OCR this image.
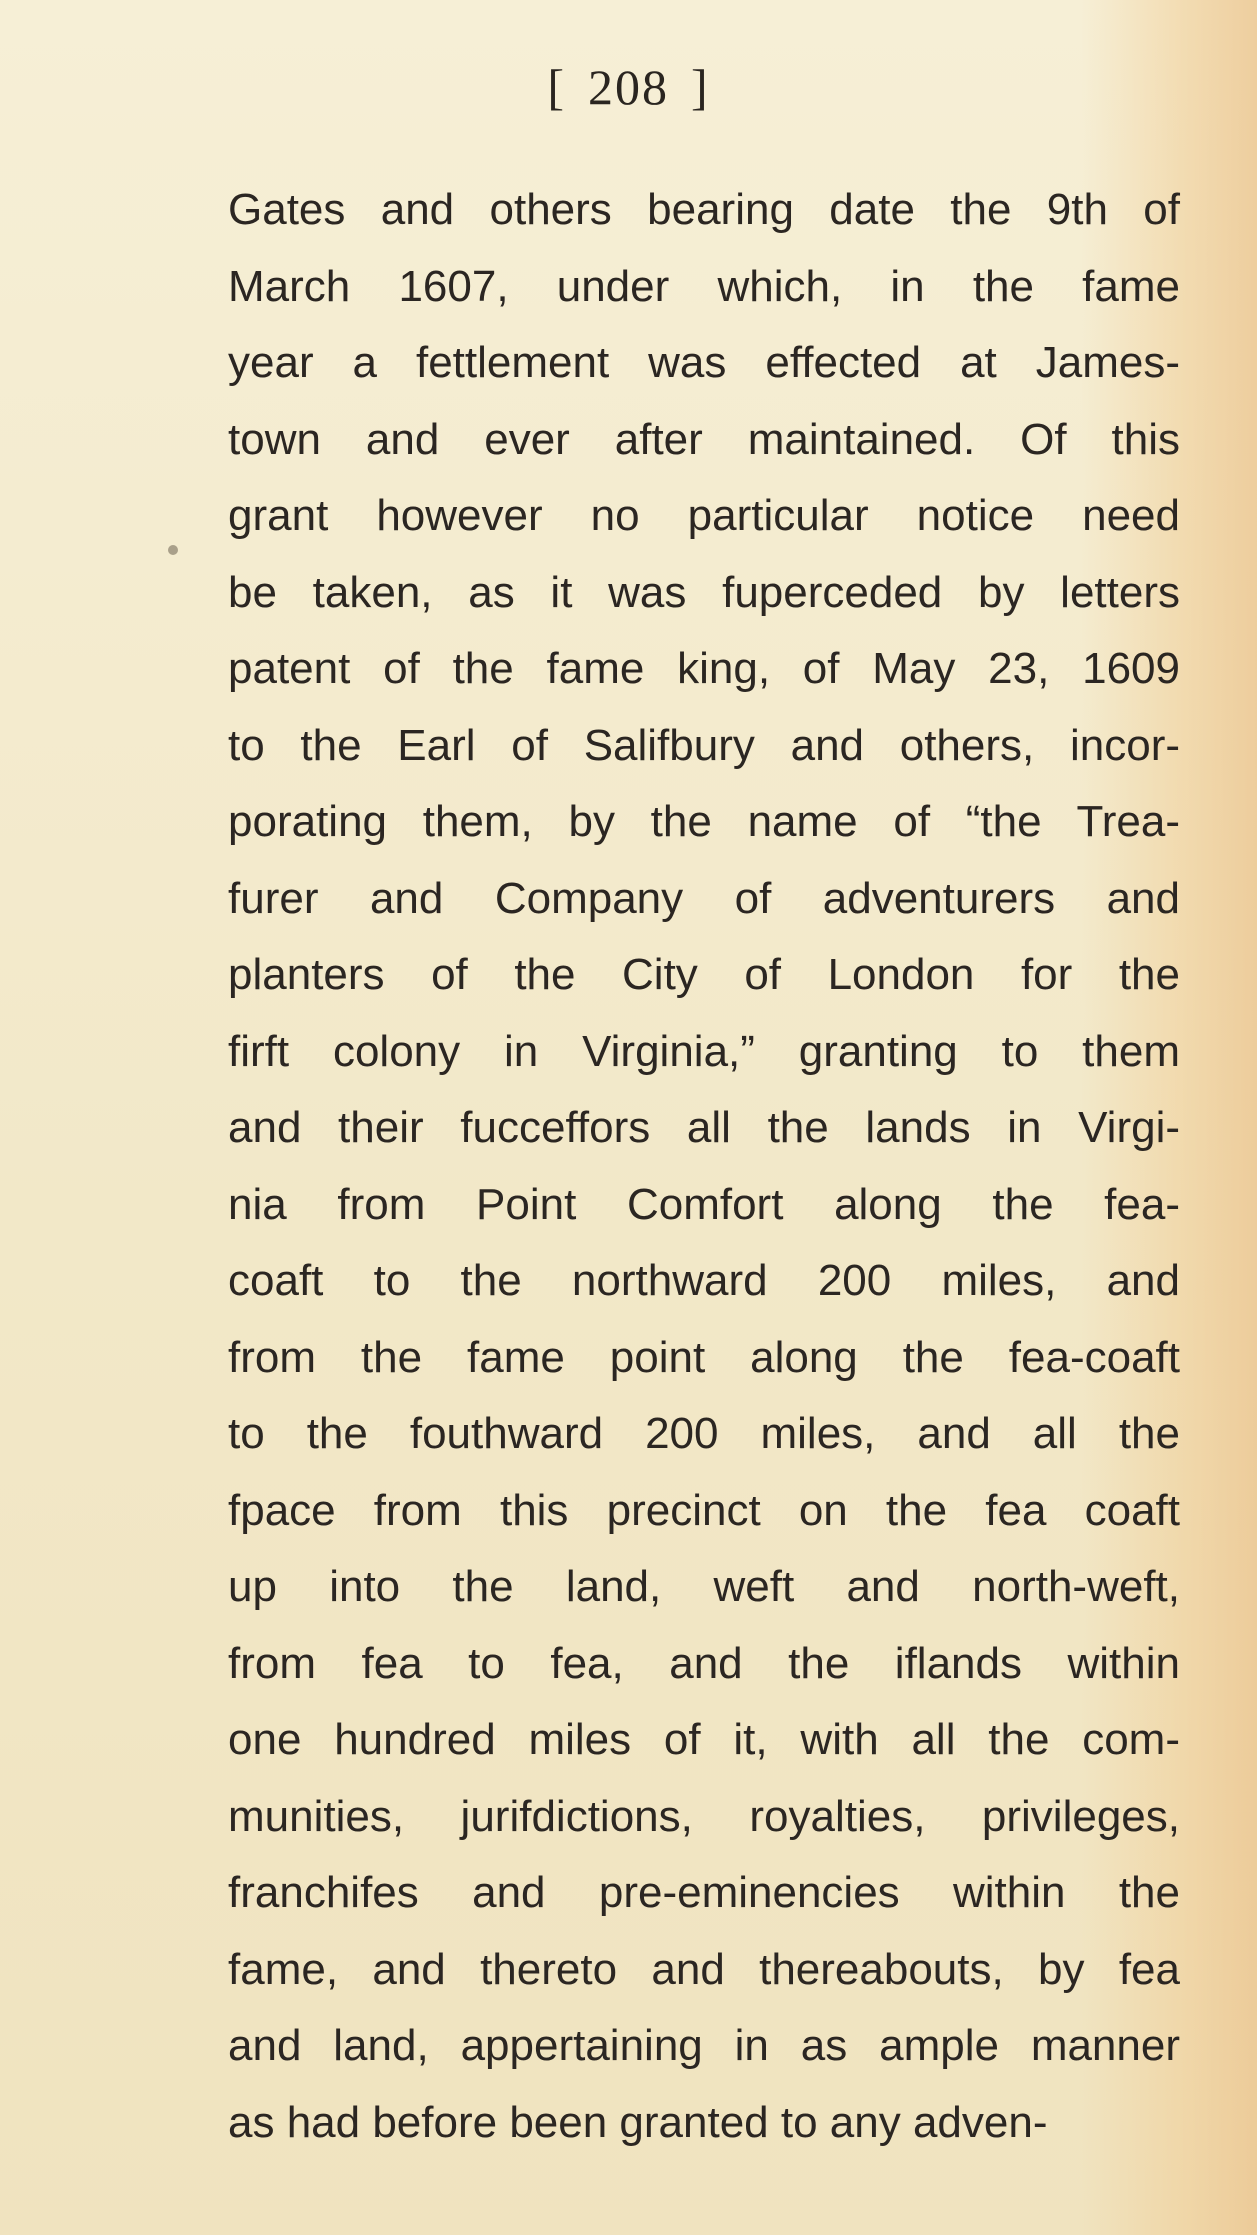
[ 208 ]
Gates and others bearing date the 9th of
March 1607, under which, in the fame
year a fettlement was effected at James-
town and ever after maintained. Of this
grant however no particular notice need
be taken, as it was fuperceded by letters
patent of the fame king, of May 23, 1609
to the Earl of Salifbury and others, incor-
porating them, by the name of “the Trea-
furer and Company of adventurers and
planters of the City of London for the
firft colony in Virginia,” granting to them
and their fucceffors all the lands in Virgi-
nia from Point Comfort along the fea-
coaft to the northward 200 miles, and
from the fame point along the fea-coaft
to the fouthward 200 miles, and all the
fpace from this precinct on the fea coaft
up into the land, weft and north-weft,
from fea to fea, and the iflands within
one hundred miles of it, with all the com-
munities, jurifdictions, royalties, privileges,
franchifes and pre-eminencies within the
fame, and thereto and thereabouts, by fea
and land, appertaining in as ample manner
as had before been granted to any adven-
